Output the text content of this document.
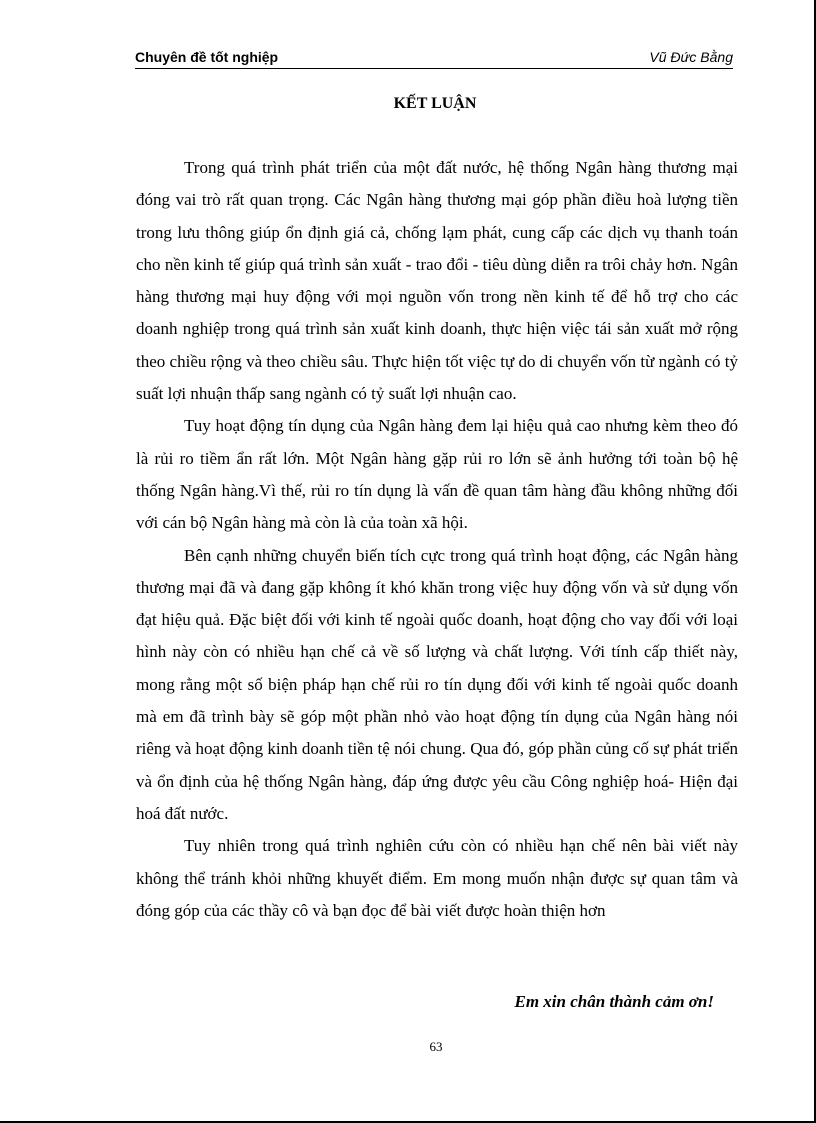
Chuyên đề tốt nghiệp	Vũ Đức Bằng
KẾT LUẬN

Trong quá trình phát triển của một đất nước, hệ thống Ngân hàng thương mại đóng vai trò rất quan trọng. Các Ngân hàng thương mại góp phần điều hoà lượng tiền trong lưu thông giúp ổn định giá cả, chống lạm phát, cung cấp các dịch vụ thanh toán cho nền kinh tế giúp quá trình sản xuất - trao đổi - tiêu dùng diễn ra trôi chảy hơn. Ngân hàng thương mại huy động với mọi nguồn vốn trong nền kinh tế để hỗ trợ cho các doanh nghiệp trong quá trình sản xuất kinh doanh, thực hiện việc tái sản xuất mở rộng theo chiều rộng và theo chiều sâu. Thực hiện tốt việc tự do di chuyển vốn từ ngành có tỷ suất lợi nhuận thấp sang ngành có tỷ suất lợi nhuận cao.

Tuy hoạt động tín dụng của Ngân hàng đem lại hiệu quả cao nhưng kèm theo đó là rủi ro tiềm ẩn rất lớn. Một Ngân hàng gặp rủi ro lớn sẽ ảnh hưởng tới toàn bộ hệ thống Ngân hàng.Vì thế, rủi ro tín dụng là vấn đề quan tâm hàng đầu không những đối với cán bộ Ngân hàng mà còn là của toàn xã hội.

Bên cạnh những chuyển biến tích cực trong quá trình hoạt động, các Ngân hàng thương mại đã và đang gặp không ít khó khăn trong việc huy động vốn và sử dụng vốn đạt hiệu quả. Đặc biệt đối với kinh tế ngoài quốc doanh, hoạt động cho vay đối với loại hình này còn có nhiều hạn chế cả về số lượng và chất lượng. Với tính cấp thiết này, mong rằng một số biện pháp hạn chế rủi ro tín dụng đối với kinh tế ngoài quốc doanh mà em đã trình bày sẽ góp một phần nhỏ vào hoạt động tín dụng của Ngân hàng nói riêng và hoạt động kinh doanh tiền tệ nói chung. Qua đó, góp phần củng cố sự phát triển và ổn định của hệ thống Ngân hàng, đáp ứng được yêu cầu Công nghiệp hoá- Hiện đại hoá đất nước.

Tuy nhiên trong quá trình nghiên cứu còn có nhiều hạn chế nên bài viết này không thể tránh khỏi những khuyết điểm. Em mong muốn nhận được sự quan tâm và đóng góp của các thầy cô và bạn đọc để bài viết được hoàn thiện hơn

Em xin chân thành cảm ơn!
63
